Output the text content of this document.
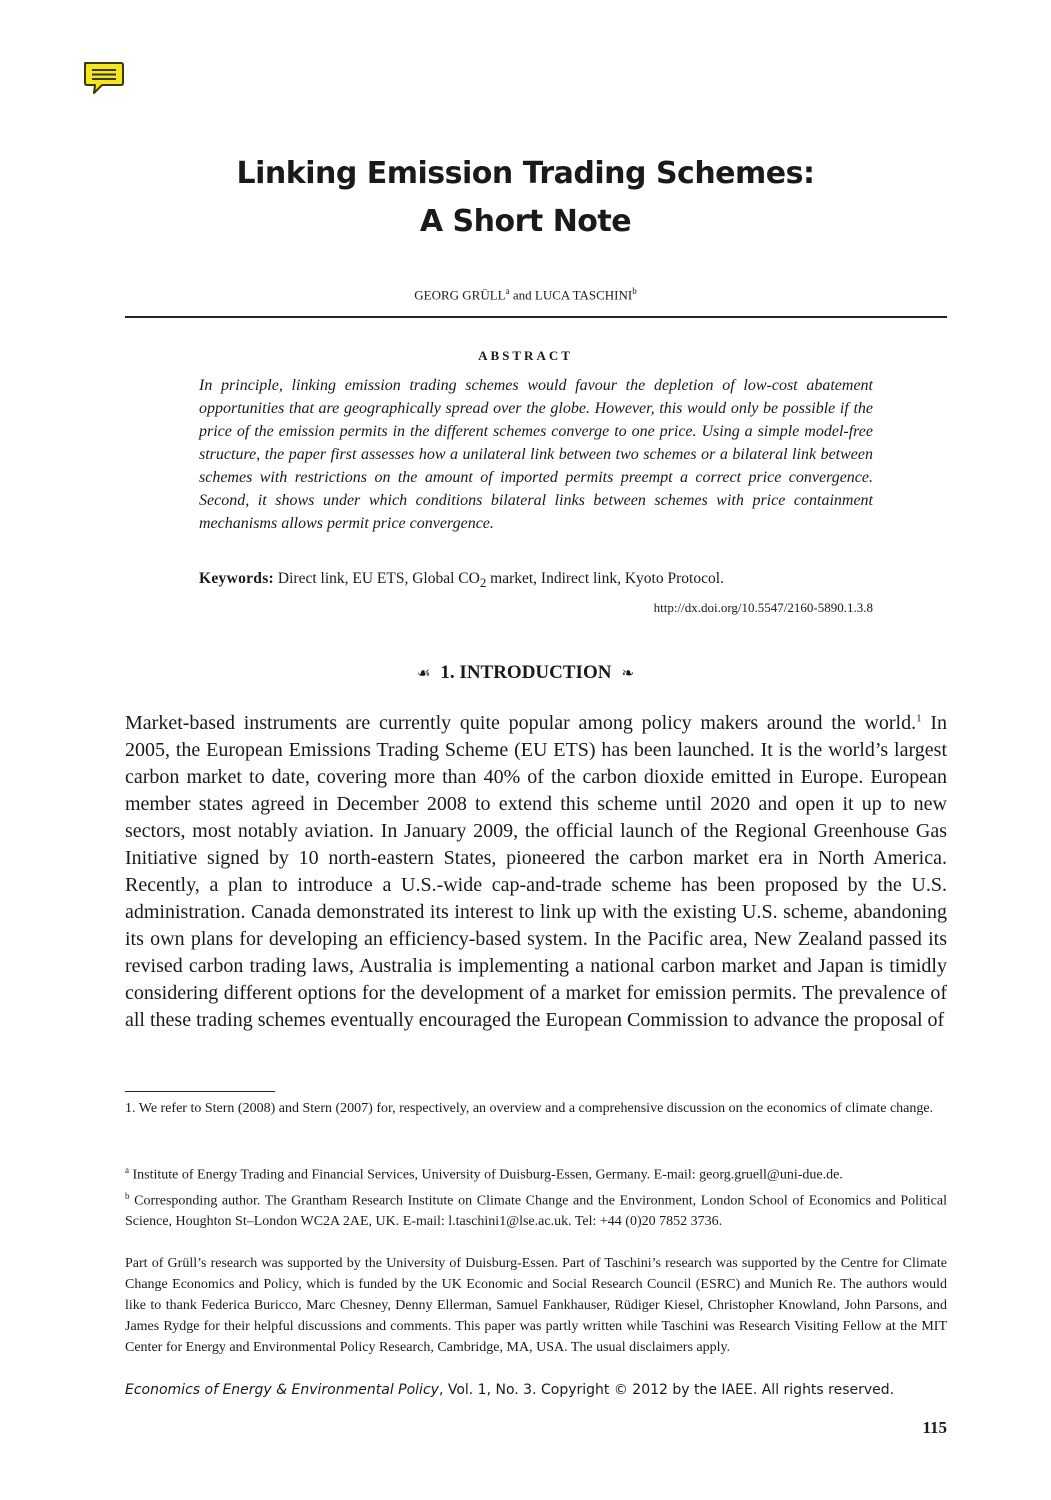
Linking Emission Trading Schemes:
A Short Note
GEORG GRÜLL$^a$ and LUCA TASCHINI$^b$
ABSTRACT
In principle, linking emission trading schemes would favour the depletion of low-cost abatement opportunities that are geographically spread over the globe. However, this would only be possible if the price of the emission permits in the different schemes converge to one price. Using a simple model-free structure, the paper first assesses how a unilateral link between two schemes or a bilateral link between schemes with restrictions on the amount of imported permits preempt a correct price convergence. Second, it shows under which conditions bilateral links between schemes with price containment mechanisms allows permit price convergence.
Keywords: Direct link, EU ETS, Global $CO_2$ market, Indirect link, Kyoto Protocol.
http://dx.doi.org/10.5547/2160-5890.1.3.8
☙ 1. INTRODUCTION ❧
Market-based instruments are currently quite popular among policy makers around the world.$^1$ In 2005, the European Emissions Trading Scheme (EU ETS) has been launched. It is the world’s largest carbon market to date, covering more than 40% of the carbon dioxide emitted in Europe. European member states agreed in December 2008 to extend this scheme until 2020 and open it up to new sectors, most notably aviation. In January 2009, the official launch of the Regional Greenhouse Gas Initiative signed by 10 north-eastern States, pioneered the carbon market era in North America. Recently, a plan to introduce a U.S.-wide cap-and-trade scheme has been proposed by the U.S. administration. Canada demonstrated its interest to link up with the existing U.S. scheme, abandoning its own plans for developing an efficiency-based system. In the Pacific area, New Zealand passed its revised carbon trading laws, Australia is implementing a national carbon market and Japan is timidly considering different options for the development of a market for emission permits. The prevalence of all these trading schemes eventually encouraged the European Commission to advance the proposal of
1. We refer to Stern (2008) and Stern (2007) for, respectively, an overview and a comprehensive discussion on the economics of climate change.
$^a$ Institute of Energy Trading and Financial Services, University of Duisburg-Essen, Germany. E-mail: georg.gruell@uni-due.de.
$^b$ Corresponding author. The Grantham Research Institute on Climate Change and the Environment, London School of Economics and Political Science, Houghton St–London WC2A 2AE, UK. E-mail: l.taschini1@lse.ac.uk. Tel: +44 (0)20 7852 3736.
Part of Grüll’s research was supported by the University of Duisburg-Essen. Part of Taschini’s research was supported by the Centre for Climate Change Economics and Policy, which is funded by the UK Economic and Social Research Council (ESRC) and Munich Re. The authors would like to thank Federica Buricco, Marc Chesney, Denny Ellerman, Samuel Fankhauser, Rüdiger Kiesel, Christopher Knowland, John Parsons, and James Rydge for their helpful discussions and comments. This paper was partly written while Taschini was Research Visiting Fellow at the MIT Center for Energy and Environmental Policy Research, Cambridge, MA, USA. The usual disclaimers apply.
Economics of Energy & Environmental Policy, Vol. 1, No. 3. Copyright © 2012 by the IAEE. All rights reserved.
115
